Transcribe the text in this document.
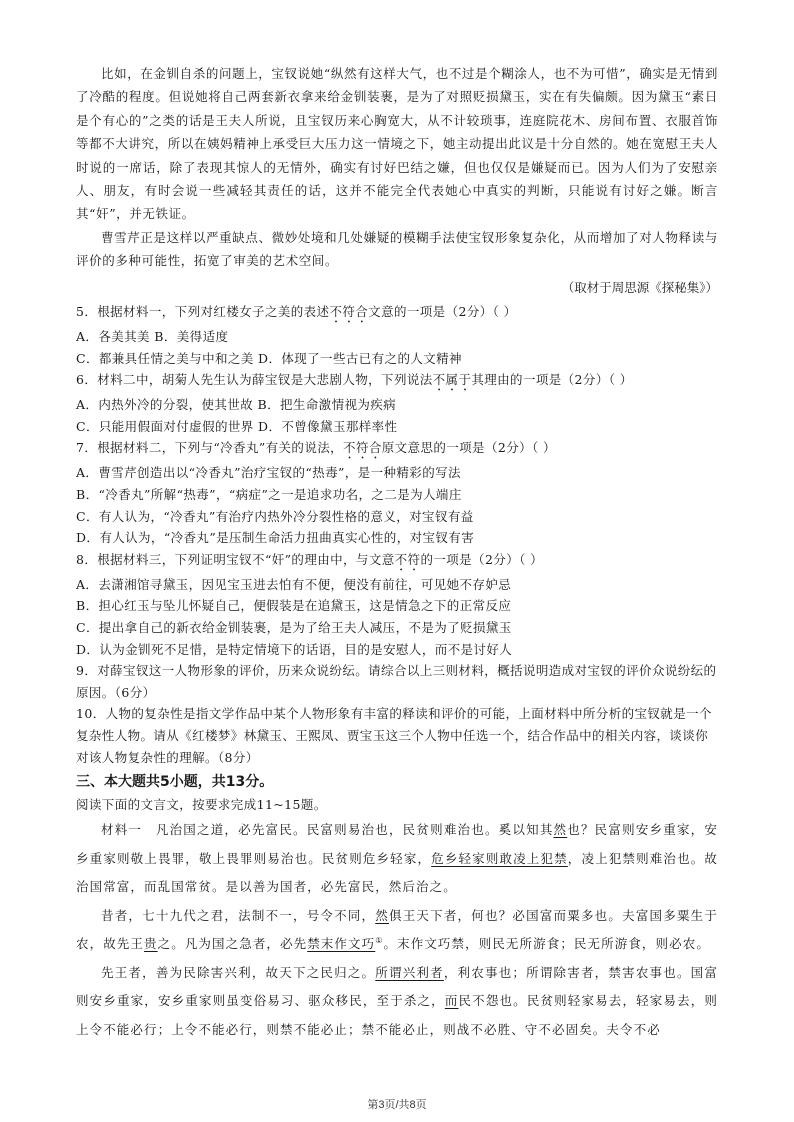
比如，在金钏自杀的问题上，宝钗说她“纵然有这样大气，也不过是个糊涂人，也不为可惜”，确实是无情到了冷酷的程度。但说她将自己两套新衣拿来给金钏装裹，是为了对照贬损黛玉，实在有失偏颇。因为黛玉“素日是个有心的”之类的话是王夫人所说，且宝钗历来心胸宽大，从不计较琐事，连庭院花木、房间布置、衣服首饰等都不大讲究，所以在姨妈精神上承受巨大压力这一情境之下，她主动提出此议是十分自然的。她在宽慰王夫人时说的一席话，除了表现其惊人的无情外，确实有讨好巴结之嫌，但也仅仅是嫌疑而已。因为人们为了安慰亲人、朋友，有时会说一些减轻其责任的话，这并不能完全代表她心中真实的判断，只能说有讨好之嫌。断言其“奸”，并无铁证。

曹雪芹正是这样以严重缺点、微妙处境和几处嫌疑的模糊手法使宝钗形象复杂化，从而增加了对人物释读与评价的多种可能性，拓宽了审美的艺术空间。

（取材于周思源《探秘集》）

5．根据材料一，下列对红楼女子之美的表述不符合文意的一项是（2分）（ ）

A．各美其美 B．美得适度

C．都兼具任情之美与中和之美 D．体现了一些古已有之的人文精神

6．材料二中，胡菊人先生认为薛宝钗是大悲剧人物，下列说法不属于其理由的一项是（2分）（ ）

A．内热外冷的分裂，使其世故 B．把生命激情视为疾病

C．只能用假面对付虚假的世界 D．不曾像黛玉那样率性

7．根据材料二，下列与“冷香丸”有关的说法，不符合原文意思的一项是（2分）（ ）

A．曹雪芹创造出以“冷香丸”治疗宝钗的“热毒”，是一种精彩的写法

B．“冷香丸”所解“热毒”，“病症”之一是追求功名，之二是为人端庄

C．有人认为，“冷香丸”有治疗内热外冷分裂性格的意义，对宝钗有益

D．有人认为，“冷香丸”是压制生命活力扭曲真实心性的，对宝钗有害

8．根据材料三，下列证明宝钗不“奸”的理由中，与文意不符的一项是（2分）（ ）

A．去潇湘馆寻黛玉，因见宝玉进去怕有不便，便没有前往，可见她不存妒忌

B．担心红玉与坠儿怀疑自己，便假装是在追黛玉，这是情急之下的正常反应

C．提出拿自己的新衣给金钏装裹，是为了给王夫人减压，不是为了贬损黛玉

D．认为金钏死不足惜，是特定情境下的话语，目的是安慰人，而不是讨好人

9．对薛宝钗这一人物形象的评价，历来众说纷纭。请综合以上三则材料，概括说明造成对宝钗的评价众说纷纭的原因。（6分）

10．人物的复杂性是指文学作品中某个人物形象有丰富的释读和评价的可能，上面材料中所分析的宝钗就是一个复杂性人物。请从《红楼梦》林黛玉、王熙凤、贾宝玉这三个人物中任选一个，结合作品中的相关内容，谈谈你对该人物复杂性的理解。（8分）

三、本大题共5小题，共13分。

阅读下面的文言文，按要求完成11~15题。

材料一　凡治国之道，必先富民。民富则易治也，民贫则难治也。奚以知其然也？民富则安乡重家，安乡重家则敬上畏罪，敬上畏罪则易治也。民贫则危乡轻家，危乡轻家则敢凌上犯禁，凌上犯禁则难治也。故治国常富，而乱国常贫。是以善为国者，必先富民，然后治之。

昔者，七十九代之君，法制不一，号令不同，然俱王天下者，何也？必国富而粟多也。夫富国多粟生于农，故先王贵之。凡为国之急者，必先禁末作文巧①。末作文巧禁，则民无所游食；民无所游食，则必农。

先王者，善为民除害兴利，故天下之民归之。所谓兴利者，利农事也；所谓除害者，禁害农事也。国富则安乡重家，安乡重家则虽变俗易习、驱众移民，至于杀之，而民不怨也。民贫则轻家易去，轻家易去，则上令不能必行；上令不能必行，则禁不能必止；禁不能必止，则战不必胜、守不必固矣。夫令不必

第3页/共8页
